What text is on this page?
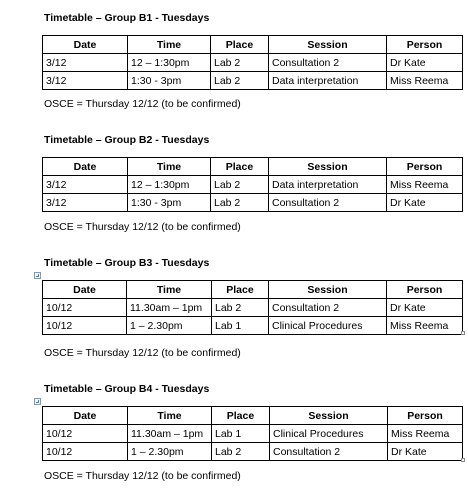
Timetable – Group B1 - Tuesdays
Date	Time	Place	Session	Person
3/12	12 – 1:30pm	Lab 2	Consultation 2	Dr Kate
3/12	1:30 - 3pm	Lab 2	Data interpretation	Miss Reema
OSCE = Thursday 12/12 (to be confirmed)
Timetable – Group B2 - Tuesdays
Date	Time	Place	Session	Person
3/12	12 – 1:30pm	Lab 2	Data interpretation	Miss Reema
3/12	1:30 - 3pm	Lab 2	Consultation 2	Dr Kate
OSCE = Thursday 12/12 (to be confirmed)
Timetable – Group B3 - Tuesdays
Date	Time	Place	Session	Person
10/12	11.30am – 1pm	Lab 2	Consultation 2	Dr Kate
10/12	1 – 2.30pm	Lab 1	Clinical Procedures	Miss Reema
OSCE = Thursday 12/12 (to be confirmed)
Timetable – Group B4 - Tuesdays
Date	Time	Place	Session	Person
10/12	11.30am – 1pm	Lab 1	Clinical Procedures	Miss Reema
10/12	1 – 2.30pm	Lab 2	Consultation 2	Dr Kate
OSCE = Thursday 12/12 (to be confirmed)
